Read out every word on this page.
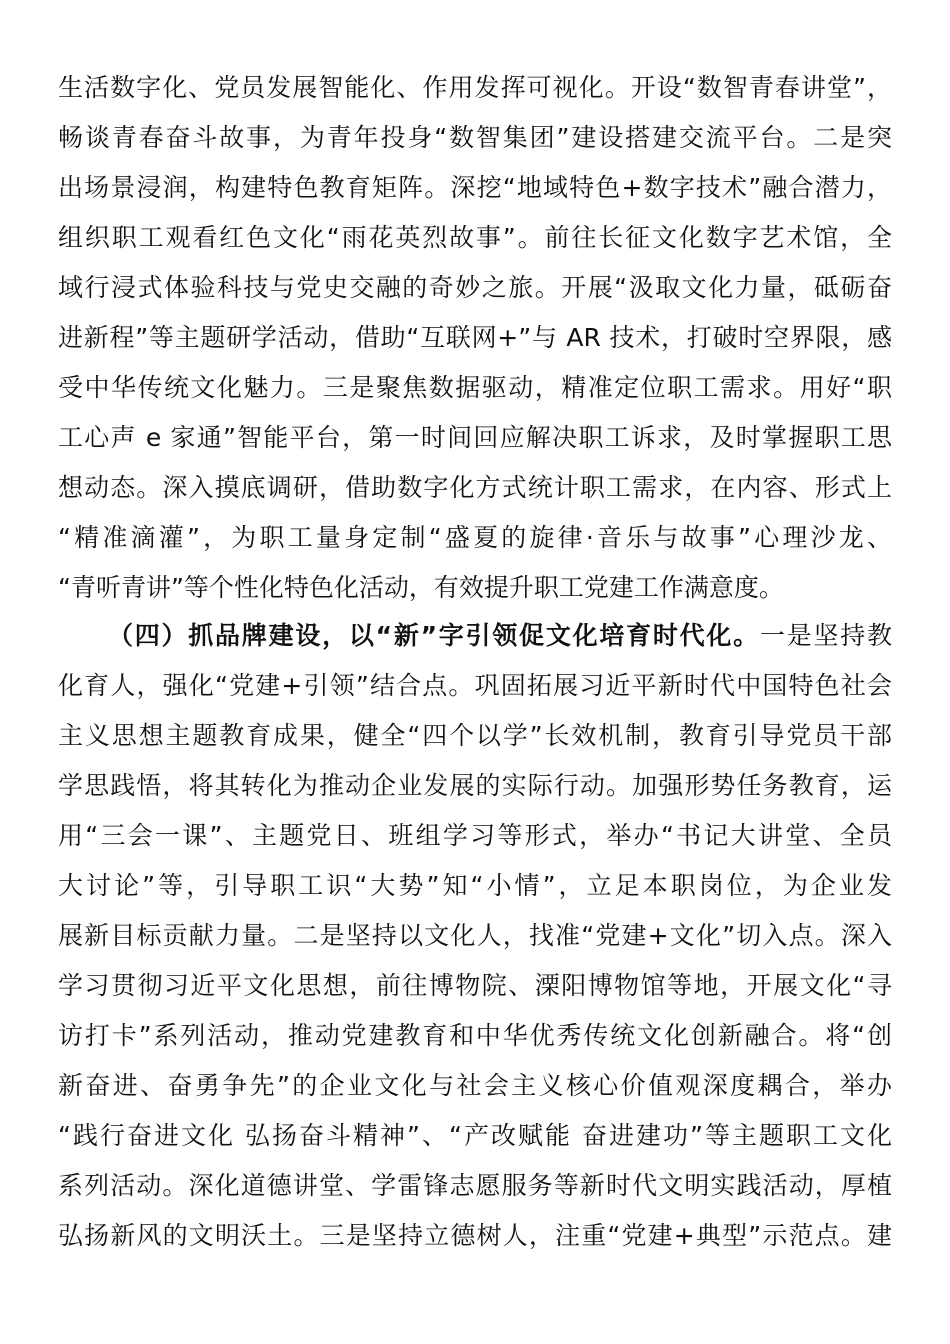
生活数字化、党员发展智能化、作用发挥可视化。开设“数智青春讲堂”，
畅谈青春奋斗故事，为青年投身“数智集团”建设搭建交流平台。二是突
出场景浸润，构建特色教育矩阵。深挖“地域特色+数字技术”融合潜力，
组织职工观看红色文化“雨花英烈故事”。前往长征文化数字艺术馆，全
域行浸式体验科技与党史交融的奇妙之旅。开展“汲取文化力量，砥砺奋
进新程”等主题研学活动，借助“互联网+”与 AR 技术，打破时空界限，感
受中华传统文化魅力。三是聚焦数据驱动，精准定位职工需求。用好“职
工心声 e 家通”智能平台，第一时间回应解决职工诉求，及时掌握职工思
想动态。深入摸底调研，借助数字化方式统计职工需求，在内容、形式上
“精准滴灌”，为职工量身定制“盛夏的旋律·音乐与故事”心理沙龙、
“青听青讲”等个性化特色化活动，有效提升职工党建工作满意度。
（四）抓品牌建设，以“新”字引领促文化培育时代化。一是坚持教
化育人，强化“党建+引领”结合点。巩固拓展习近平新时代中国特色社会
主义思想主题教育成果，健全“四个以学”长效机制，教育引导党员干部
学思践悟，将其转化为推动企业发展的实际行动。加强形势任务教育，运
用“三会一课”、主题党日、班组学习等形式，举办“书记大讲堂、全员
大讨论”等，引导职工识“大势”知“小情”，立足本职岗位，为企业发
展新目标贡献力量。二是坚持以文化人，找准“党建+文化”切入点。深入
学习贯彻习近平文化思想，前往博物院、溧阳博物馆等地，开展文化“寻
访打卡”系列活动，推动党建教育和中华优秀传统文化创新融合。将“创
新奋进、奋勇争先”的企业文化与社会主义核心价值观深度耦合，举办
“践行奋进文化 弘扬奋斗精神”、“产改赋能 奋进建功”等主题职工文化
系列活动。深化道德讲堂、学雷锋志愿服务等新时代文明实践活动，厚植
弘扬新风的文明沃土。三是坚持立德树人，注重“党建+典型”示范点。建
